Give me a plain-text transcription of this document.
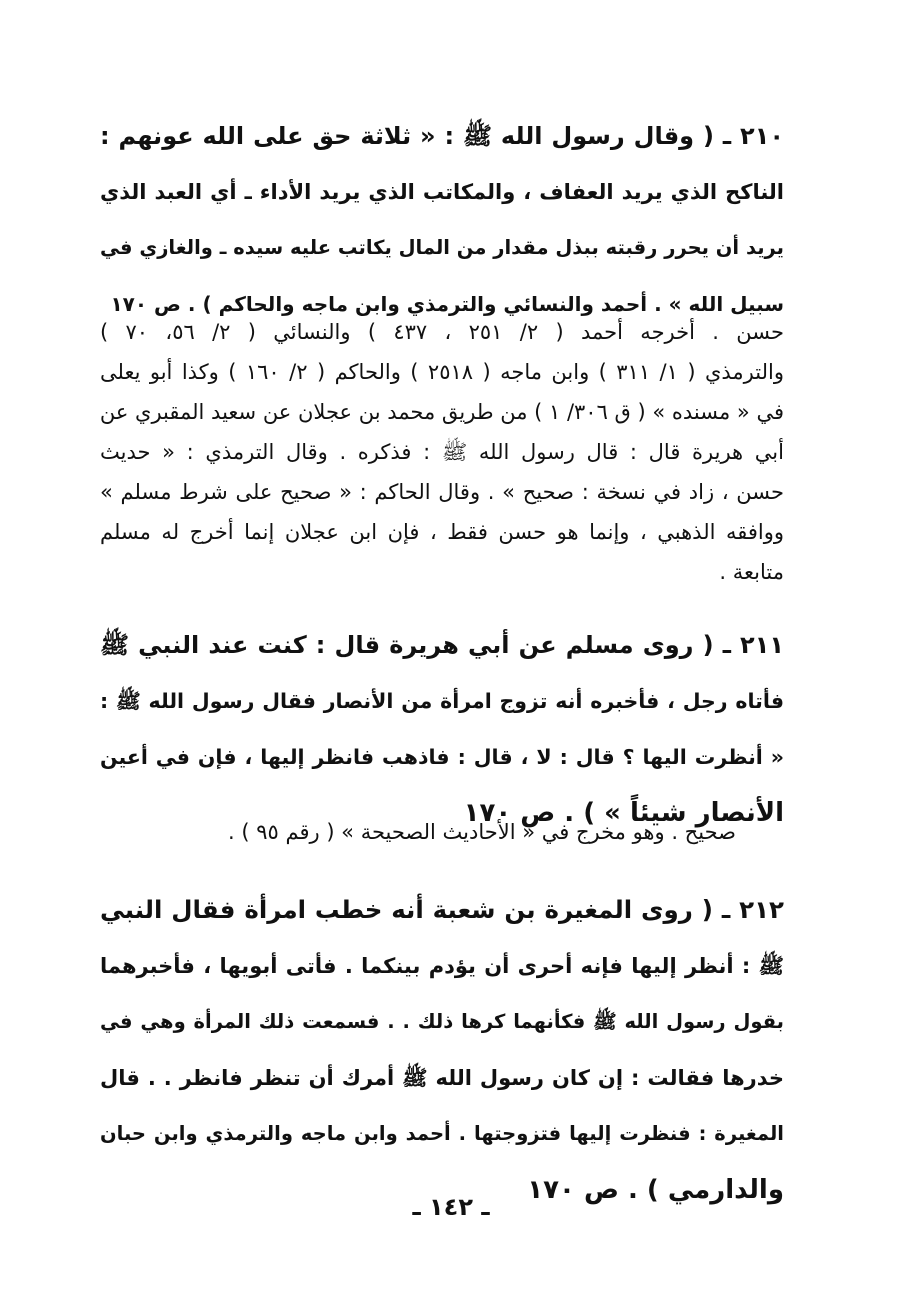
٢١٠ ـ ( وقال رسول الله ﷺ : « ثلاثة حق على الله عونهم :
الناكح الذي يريد العفاف ، والمكاتب الذي يريد الأداء ـ أي العبد الذي
يريد أن يحرر رقبته ببذل مقدار من المال يكاتب عليه سيده ـ والغازي في
سبيل الله » . أحمد والنسائي والترمذي وابن ماجه والحاكم ) . ص ١٧٠
حسن . أخرجه أحمد ( ٢/ ٢٥١ ، ٤٣٧ ) والنسائي ( ٢/ ٥٦، ٧٠ )
والترمذي ( ١/ ٣١١ ) وابن ماجه ( ٢٥١٨ ) والحاكم ( ٢/ ١٦٠ ) وكذا أبو يعلى
في « مسنده » ( ق ٣٠٦/ ١ ) من طريق محمد بن عجلان عن سعيد المقبري عن
أبي هريرة قال : قال رسول الله ﷺ : فذكره . وقال الترمذي : « حديث
حسن ، زاد في نسخة : صحيح » . وقال الحاكم : « صحيح على شرط مسلم »
ووافقه الذهبي ، وإنما هو حسن فقط ، فإن ابن عجلان إنما أخرج له مسلم
متابعة .
٢١١ ـ ( روى مسلم عن أبي هريرة قال : كنت عند النبي ﷺ
فأتاه رجل ، فأخبره أنه تزوج امرأة من الأنصار فقال رسول الله ﷺ :
« أنظرت اليها ؟ قال : لا ، قال : فاذهب فانظر إليها ، فإن في أعين
الأنصار شيئاً » ) . ص ١٧٠
صحيح . وهو مخرج في « الأحاديث الصحيحة » ( رقم ٩٥ ) .
٢١٢ ـ ( روى المغيرة بن شعبة أنه خطب امرأة فقال النبي
ﷺ : أنظر إليها فإنه أحرى أن يؤدم بينكما . فأتى أبويها ، فأخبرهما
بقول رسول الله ﷺ فكأنهما كرها ذلك . . فسمعت ذلك المرأة وهي في
خدرها فقالت : إن كان رسول الله ﷺ أمرك أن تنظر فانظر . . قال
المغيرة : فنظرت إليها فتزوجتها . أحمد وابن ماجه والترمذي وابن حبان
والدارمي ) . ص ١٧٠
ـ ١٤٢ ـ
